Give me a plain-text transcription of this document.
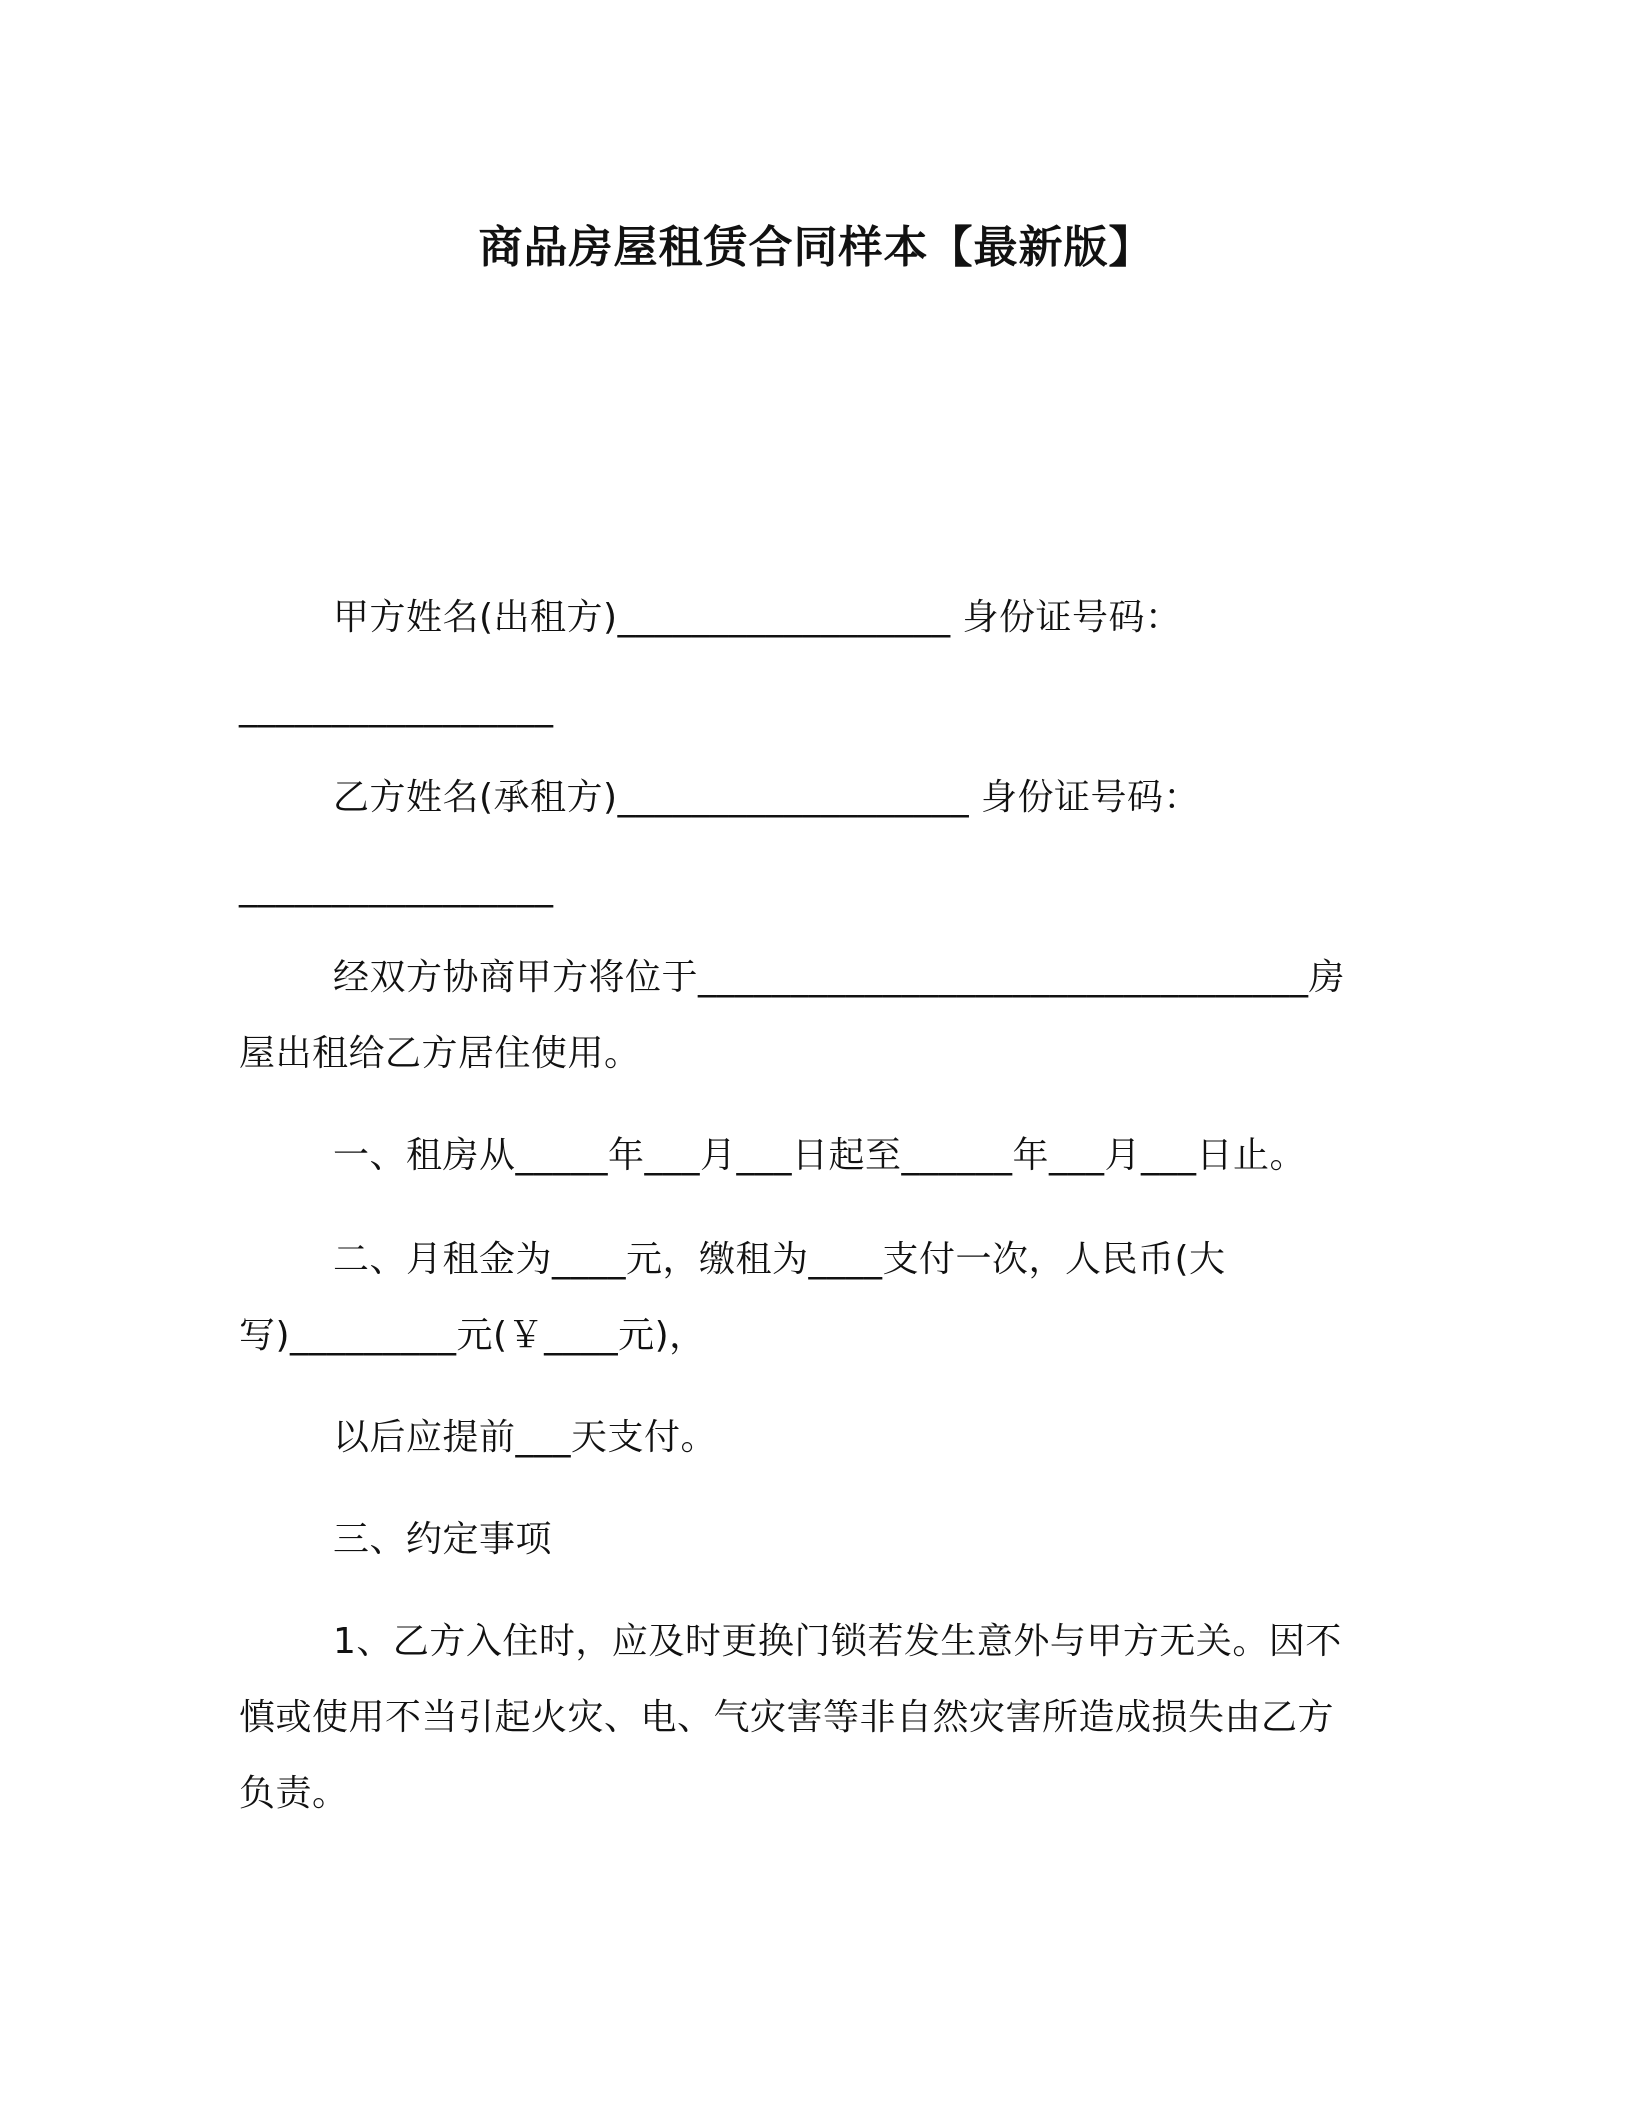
商品房屋租赁合同样本【最新版】
甲方姓名(出租方)__________________ 身份证号码：
_________________
乙方姓名(承租方)___________________ 身份证号码：
_________________
经双方协商甲方将位于_________________________________房
屋出租给乙方居住使用。
一、租房从_____年___月___日起至______年___月___日止。
二、月租金为____元，缴租为____支付一次，人民币(大
写)_________元(￥____元)，
以后应提前___天支付。
三、约定事项
1、乙方入住时，应及时更换门锁若发生意外与甲方无关。因不
慎或使用不当引起火灾、电、气灾害等非自然灾害所造成损失由乙方
负责。
